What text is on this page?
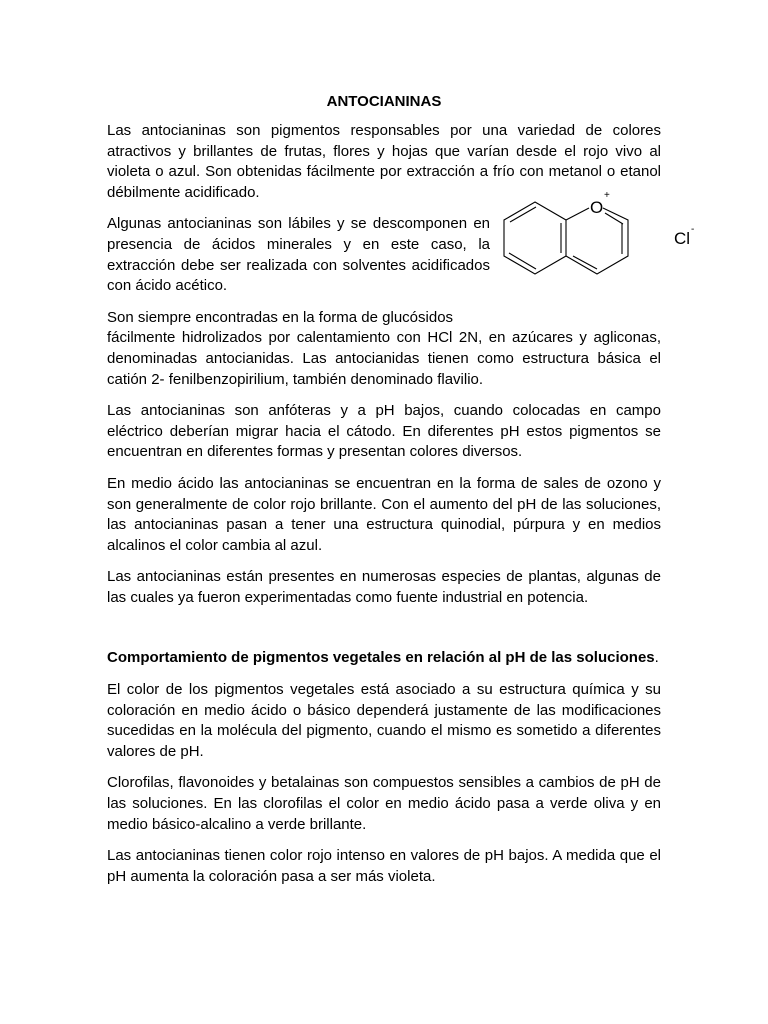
ANTOCIANINAS

Las antocianinas son pigmentos responsables por una variedad de colores atractivos y brillantes de frutas, flores y hojas que varían desde el rojo vivo al violeta o azul. Son obtenidas fácilmente por extracción a frío con metanol o etanol débilmente acidificado.

Algunas antocianinas son lábiles y se descomponen en presencia de ácidos minerales y en este caso, la extracción debe ser realizada con solventes acidificados con ácido acético.

Son siempre encontradas en la forma de glucósidos
fácilmente hidrolizados por calentamiento con HCl 2N, en azúcares y agliconas, denominadas antocianidas. Las antocianidas tienen como estructura básica el catión 2- fenilbenzopirilium, también denominado flavilio.

Las antocianinas son anfóteras y a pH bajos, cuando colocadas en campo eléctrico deberían migrar hacia el cátodo. En diferentes pH estos pigmentos se encuentran en diferentes formas y presentan colores diversos.

En medio ácido las antocianinas se encuentran en la forma de sales de ozono y son generalmente de color rojo brillante. Con el aumento del pH de las soluciones, las antocianinas pasan a tener una estructura quinodial, púrpura y en medios alcalinos el color cambia al azul.

Las antocianinas están presentes en numerosas especies de plantas, algunas de las cuales ya fueron experimentadas como fuente industrial en potencia.

Comportamiento de pigmentos vegetales en relación al pH de las soluciones.

El color de los pigmentos vegetales está asociado a su estructura química y su coloración en medio ácido o básico dependerá justamente de las modificaciones sucedidas en la molécula del pigmento, cuando el mismo es sometido a diferentes valores de pH.

Clorofilas, flavonoides y betalainas son compuestos sensibles a cambios de pH de las soluciones. En las clorofilas el color en medio ácido pasa a verde oliva y en medio básico-alcalino a verde brillante.

Las antocianinas tienen color rojo intenso en valores de pH bajos. A medida que el pH aumenta la coloración pasa a ser más violeta.

O
+
Cl -
